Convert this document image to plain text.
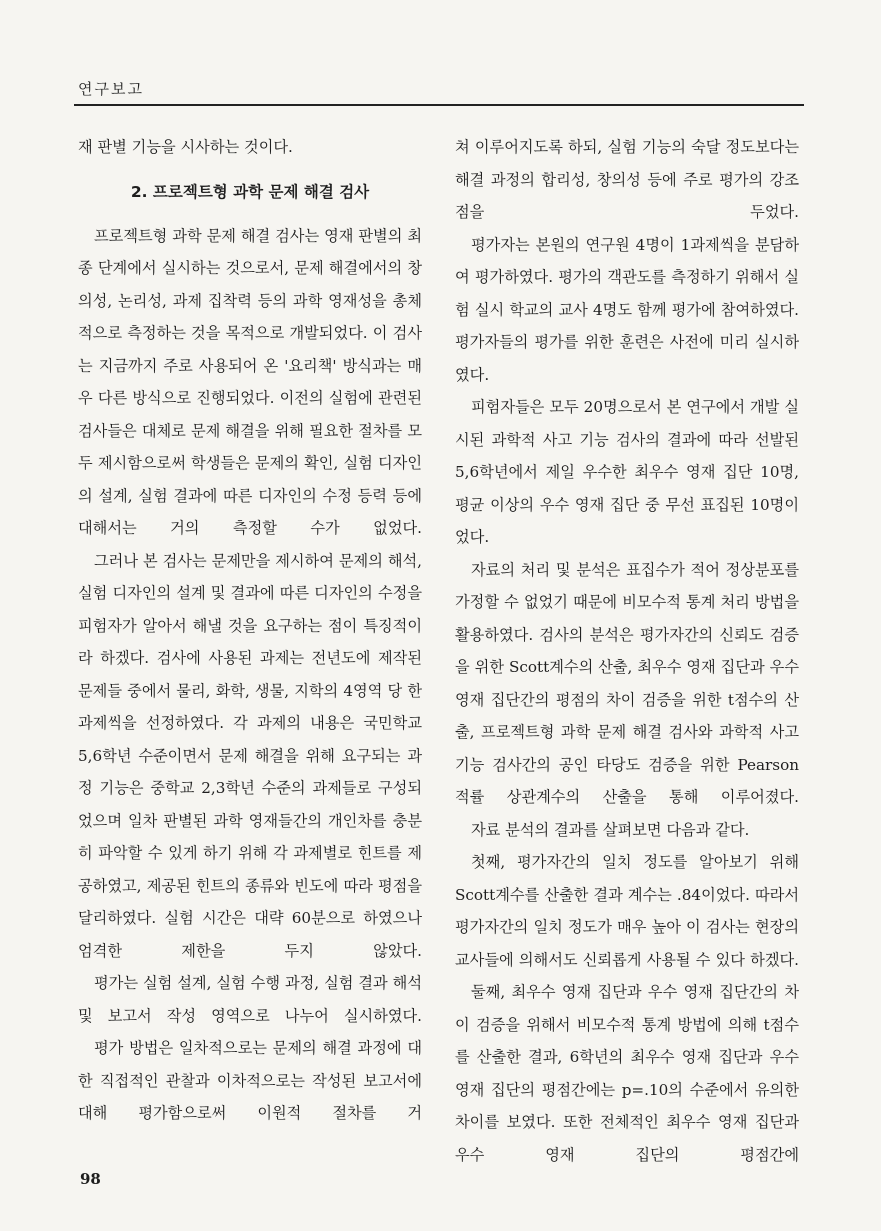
연구보고

재 판별 기능을 시사하는 것이다.

2. 프로젝트형 과학 문제 해결 검사

프로젝트형 과학 문제 해결 검사는 영재 판별의 최종 단계에서 실시하는 것으로서, 문제 해결에서의 창의성, 논리성, 과제 집착력 등의 과학 영재성을 총체적으로 측정하는 것을 목적으로 개발되었다. 이 검사는 지금까지 주로 사용되어 온 '요리책' 방식과는 매우 다른 방식으로 진행되었다. 이전의 실험에 관련된 검사들은 대체로 문제 해결을 위해 필요한 절차를 모두 제시함으로써 학생들은 문제의 확인, 실험 디자인의 설계, 실험 결과에 따른 디자인의 수정 등력 등에 대해서는 거의 측정할 수가 없었다.

그러나 본 검사는 문제만을 제시하여 문제의 해석, 실험 디자인의 설계 및 결과에 따른 디자인의 수정을 피험자가 알아서 해낼 것을 요구하는 점이 특징적이라 하겠다. 검사에 사용된 과제는 전년도에 제작된 문제들 중에서 물리, 화학, 생물, 지학의 4영역 당 한 과제씩을 선정하였다. 각 과제의 내용은 국민학교 5,6학년 수준이면서 문제 해결을 위해 요구되는 과정 기능은 중학교 2,3학년 수준의 과제들로 구성되었으며 일차 판별된 과학 영재들간의 개인차를 충분히 파악할 수 있게 하기 위해 각 과제별로 힌트를 제공하였고, 제공된 힌트의 종류와 빈도에 따라 평점을 달리하였다. 실험 시간은 대략 60분으로 하였으나 엄격한 제한을 두지 않았다.

평가는 실험 설계, 실험 수행 과정, 실험 결과 해석 및 보고서 작성 영역으로 나누어 실시하였다.

평가 방법은 일차적으로는 문제의 해결 과정에 대한 직접적인 관찰과 이차적으로는 작성된 보고서에 대해 평가함으로써 이원적 절차를 거

쳐 이루어지도록 하되, 실험 기능의 숙달 정도보다는 해결 과정의 합리성, 창의성 등에 주로 평가의 강조점을 두었다.

평가자는 본원의 연구원 4명이 1과제씩을 분담하여 평가하였다. 평가의 객관도를 측정하기 위해서 실험 실시 학교의 교사 4명도 함께 평가에 참여하였다. 평가자들의 평가를 위한 훈련은 사전에 미리 실시하였다.

피험자들은 모두 20명으로서 본 연구에서 개발 실시된 과학적 사고 기능 검사의 결과에 따라 선발된 5,6학년에서 제일 우수한 최우수 영재 집단 10명, 평균 이상의 우수 영재 집단 중 무선 표집된 10명이었다.

자료의 처리 및 분석은 표집수가 적어 정상분포를 가정할 수 없었기 때문에 비모수적 통계 처리 방법을 활용하였다. 검사의 분석은 평가자간의 신뢰도 검증을 위한 Scott계수의 산출, 최우수 영재 집단과 우수 영재 집단간의 평점의 차이 검증을 위한 t점수의 산출, 프로젝트형 과학 문제 해결 검사와 과학적 사고 기능 검사간의 공인 타당도 검증을 위한 Pearson 적률 상관계수의 산출을 통해 이루어졌다.

자료 분석의 결과를 살펴보면 다음과 같다.

첫째, 평가자간의 일치 정도를 알아보기 위해 Scott계수를 산출한 결과 계수는 .84이었다. 따라서 평가자간의 일치 정도가 매우 높아 이 검사는 현장의 교사들에 의해서도 신뢰롭게 사용될 수 있다 하겠다.

둘째, 최우수 영재 집단과 우수 영재 집단간의 차이 검증을 위해서 비모수적 통계 방법에 의해 t점수를 산출한 결과, 6학년의 최우수 영재 집단과 우수 영재 집단의 평점간에는 p=.10의 수준에서 유의한 차이를 보였다. 또한 전체적인 최우수 영재 집단과 우수 영재 집단의 평점간에

98
